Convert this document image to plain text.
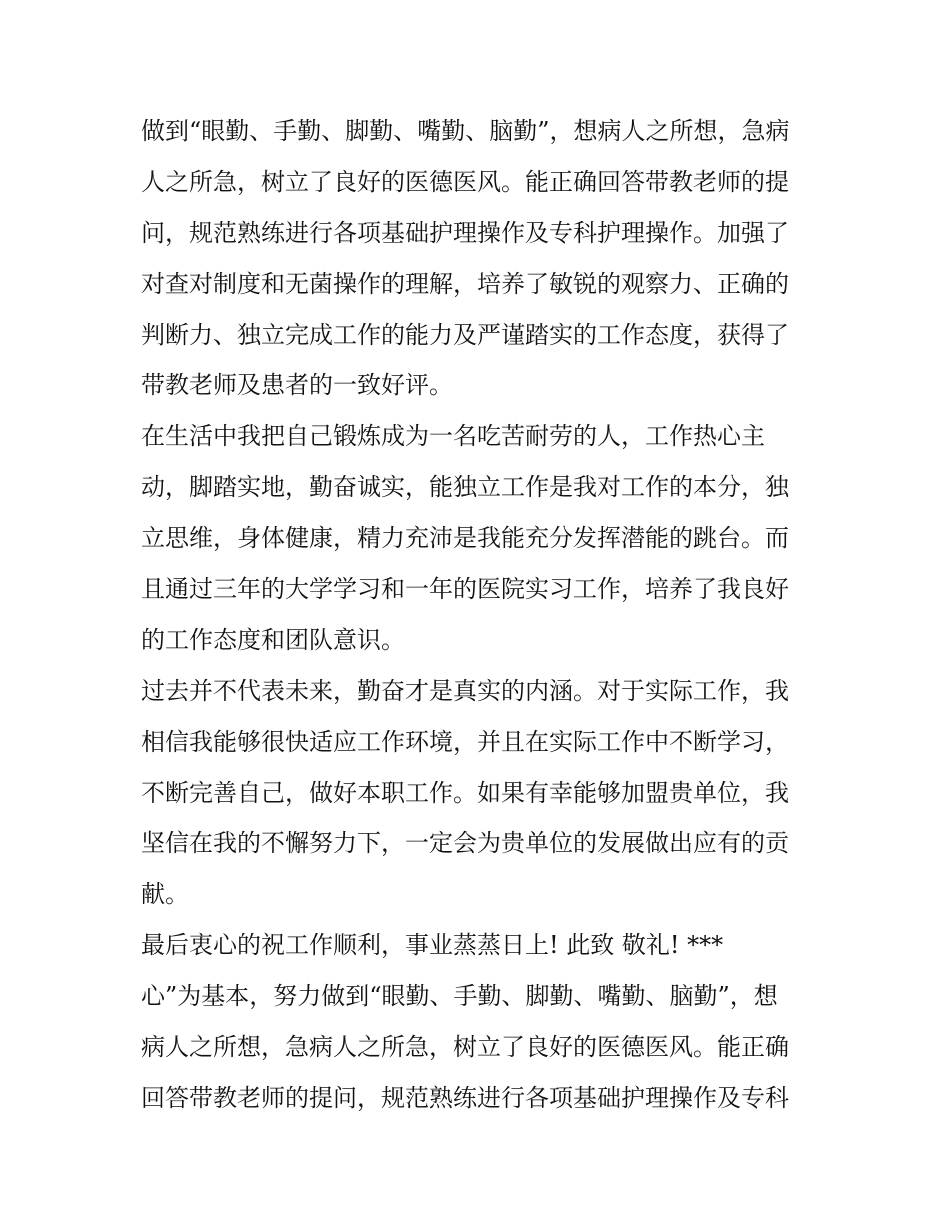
做到“眼勤、手勤、脚勤、嘴勤、脑勤”，想病人之所想，急病
人之所急，树立了良好的医德医风。能正确回答带教老师的提
问，规范熟练进行各项基础护理操作及专科护理操作。加强了
对查对制度和无菌操作的理解，培养了敏锐的观察力、正确的
判断力、独立完成工作的能力及严谨踏实的工作态度，获得了
带教老师及患者的一致好评。
在生活中我把自己锻炼成为一名吃苦耐劳的人，工作热心主
动，脚踏实地，勤奋诚实，能独立工作是我对工作的本分，独
立思维，身体健康，精力充沛是我能充分发挥潜能的跳台。而
且通过三年的大学学习和一年的医院实习工作，培养了我良好
的工作态度和团队意识。
过去并不代表未来，勤奋才是真实的内涵。对于实际工作，我
相信我能够很快适应工作环境，并且在实际工作中不断学习，
不断完善自己，做好本职工作。如果有幸能够加盟贵单位，我
坚信在我的不懈努力下，一定会为贵单位的发展做出应有的贡
献。
最后衷心的祝工作顺利，事业蒸蒸日上! 此致 敬礼! ***
心”为基本，努力做到“眼勤、手勤、脚勤、嘴勤、脑勤”，想
病人之所想，急病人之所急，树立了良好的医德医风。能正确
回答带教老师的提问，规范熟练进行各项基础护理操作及专科
